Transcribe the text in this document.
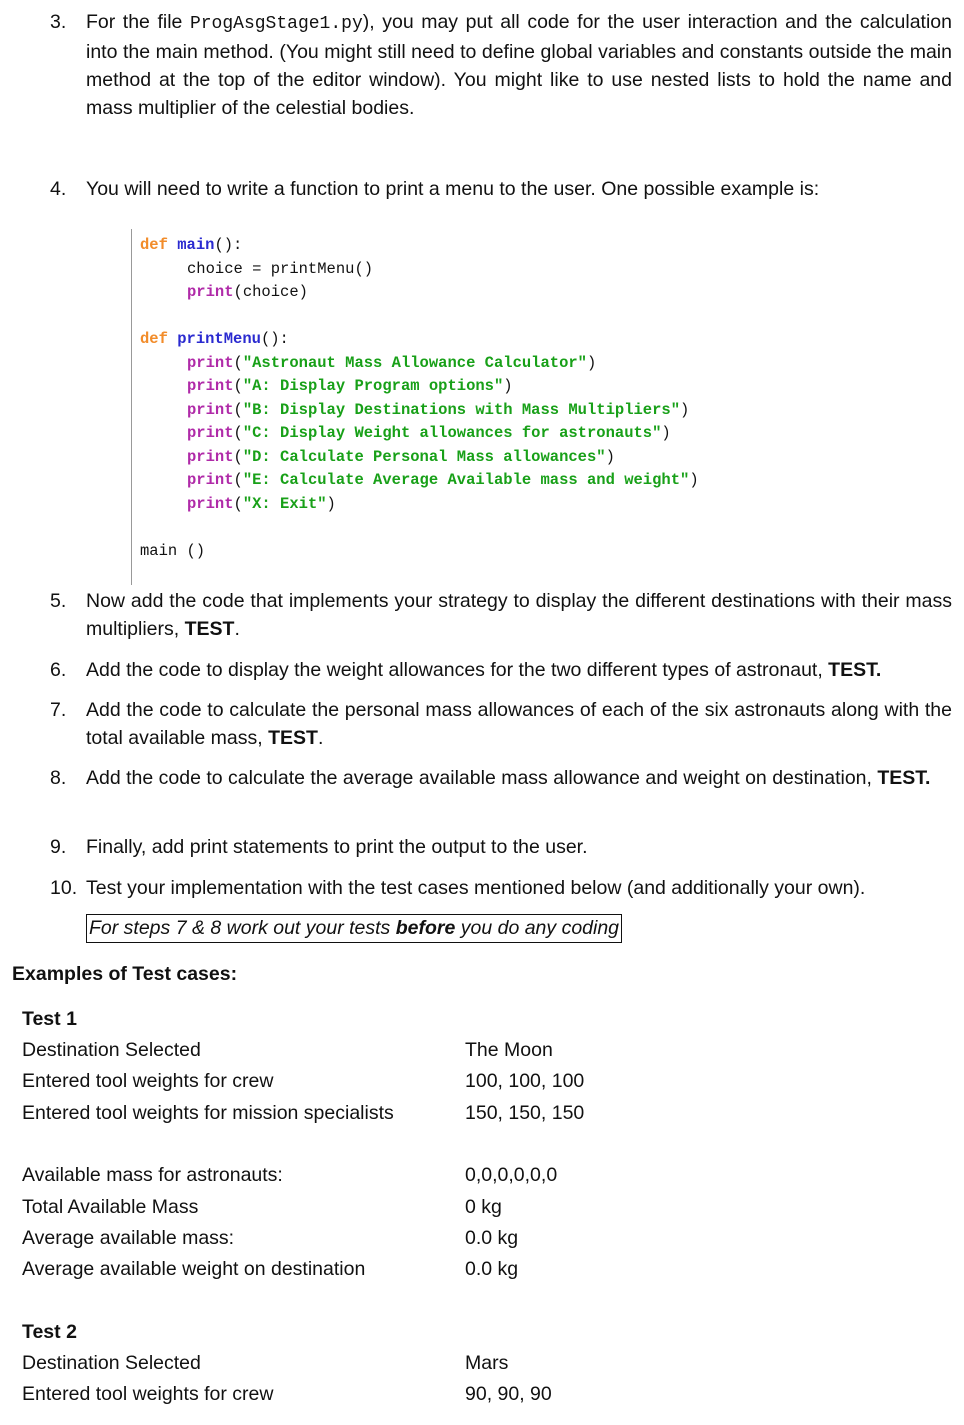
3.	For the file ProgAsgStage1.py), you may put all code for the user interaction and the calculation into the main method. (You might still need to define global variables and constants outside the main method at the top of the editor window). You might like to use nested lists to hold the name and mass multiplier of the celestial bodies.
4.	You will need to write a function to print a menu to the user. One possible example is:
def main():
choice = printMenu()
print(choice)
def printMenu():
print("Astronaut Mass Allowance Calculator")
print("A: Display Program options")
print("B: Display Destinations with Mass Multipliers")
print("C: Display Weight allowances for astronauts")
print("D: Calculate Personal Mass allowances")
print("E: Calculate Average Available mass and weight")
print("X: Exit")
main ()
5.	Now add the code that implements your strategy to display the different destinations with their mass multipliers, TEST.
6.	Add the code to display the weight allowances for the two different types of astronaut, TEST.
7.	Add the code to calculate the personal mass allowances of each of the six astronauts along with the total available mass, TEST.
8.	Add the code to calculate the average available mass allowance and weight on destination, TEST.
9.	Finally, add print statements to print the output to the user.
10. Test your implementation with the test cases mentioned below (and additionally your own).
For steps 7 & 8 work out your tests before you do any coding
Examples of Test cases:
Test 1
Destination Selected	The Moon
Entered tool weights for crew	100, 100, 100
Entered tool weights for mission specialists	150, 150, 150
Available mass for astronauts:	0,0,0,0,0,0
Total Available Mass	0 kg
Average available mass:	0.0 kg
Average available weight on destination	0.0 kg
Test 2
Destination Selected	Mars
Entered tool weights for crew	90, 90, 90
